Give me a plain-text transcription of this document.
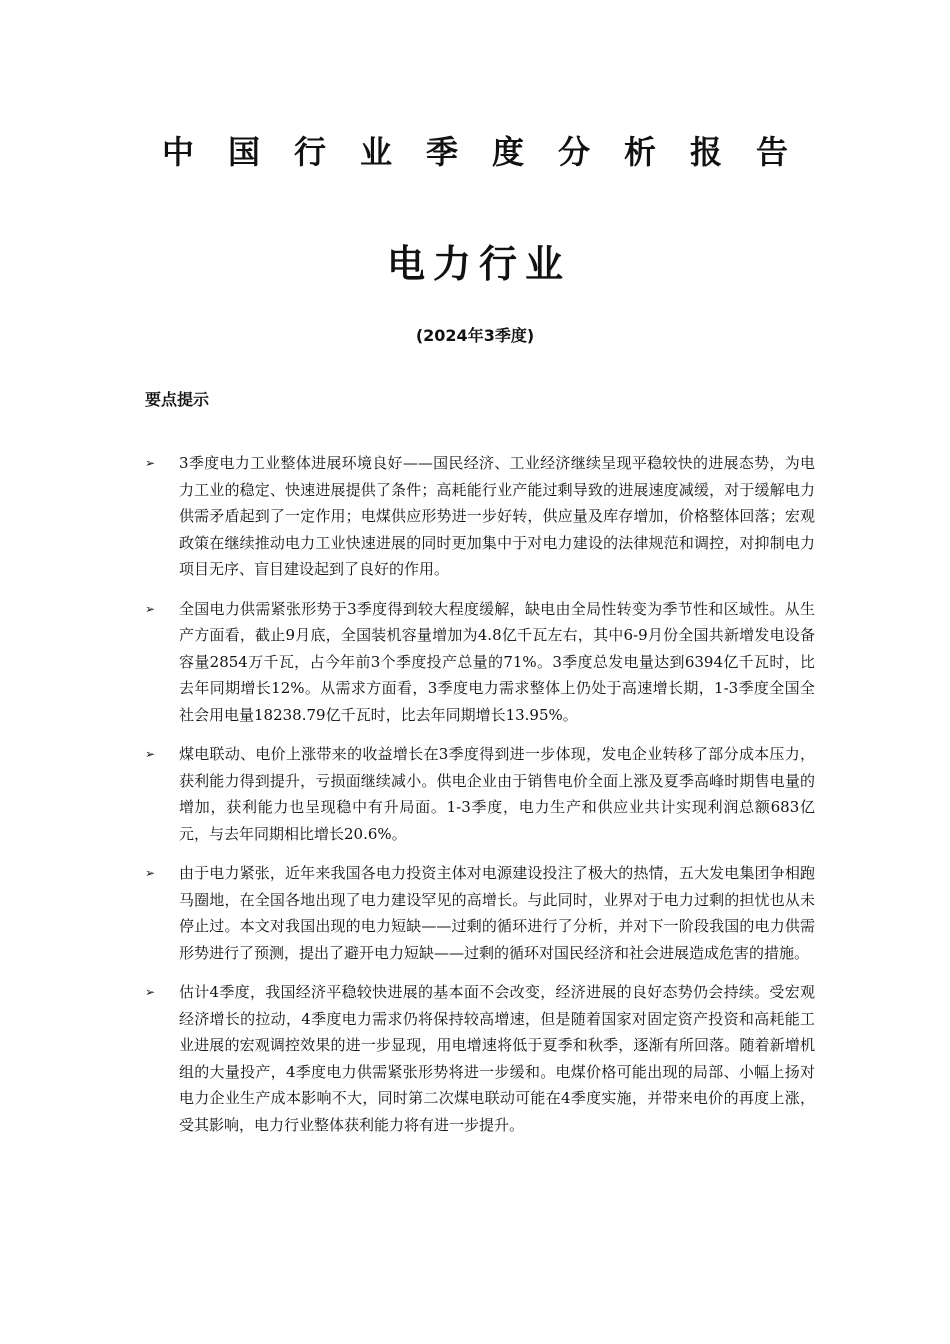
中国行业季度分析报告
电力行业
(2024年3季度)
要点提示
➢ 3季度电力工业整体进展环境良好——国民经济、工业经济继续呈现平稳较快的进展态势，为电力工业的稳定、快速进展提供了条件；高耗能行业产能过剩导致的进展速度减缓，对于缓解电力供需矛盾起到了一定作用；电煤供应形势进一步好转，供应量及库存增加，价格整体回落；宏观政策在继续推动电力工业快速进展的同时更加集中于对电力建设的法律规范和调控，对抑制电力项目无序、盲目建设起到了良好的作用。
➢ 全国电力供需紧张形势于3季度得到较大程度缓解，缺电由全局性转变为季节性和区域性。从生产方面看，截止9月底，全国装机容量增加为4.8亿千瓦左右，其中6-9月份全国共新增发电设备容量2854万千瓦，占今年前3个季度投产总量的71%。3季度总发电量达到6394亿千瓦时，比去年同期增长12%。从需求方面看，3季度电力需求整体上仍处于高速增长期，1-3季度全国全社会用电量18238.79亿千瓦时，比去年同期增长13.95%。
➢ 煤电联动、电价上涨带来的收益增长在3季度得到进一步体现，发电企业转移了部分成本压力，获利能力得到提升，亏损面继续减小。供电企业由于销售电价全面上涨及夏季高峰时期售电量的增加，获利能力也呈现稳中有升局面。1-3季度，电力生产和供应业共计实现利润总额683亿元，与去年同期相比增长20.6%。
➢ 由于电力紧张，近年来我国各电力投资主体对电源建设投注了极大的热情，五大发电集团争相跑马圈地，在全国各地出现了电力建设罕见的高增长。与此同时，业界对于电力过剩的担忧也从未停止过。本文对我国出现的电力短缺——过剩的循环进行了分析，并对下一阶段我国的电力供需形势进行了预测，提出了避开电力短缺——过剩的循环对国民经济和社会进展造成危害的措施。
➢ 估计4季度，我国经济平稳较快进展的基本面不会改变，经济进展的良好态势仍会持续。受宏观经济增长的拉动，4季度电力需求仍将保持较高增速，但是随着国家对固定资产投资和高耗能工业进展的宏观调控效果的进一步显现，用电增速将低于夏季和秋季，逐渐有所回落。随着新增机组的大量投产，4季度电力供需紧张形势将进一步缓和。电煤价格可能出现的局部、小幅上扬对电力企业生产成本影响不大，同时第二次煤电联动可能在4季度实施，并带来电价的再度上涨，受其影响，电力行业整体获利能力将有进一步提升。
